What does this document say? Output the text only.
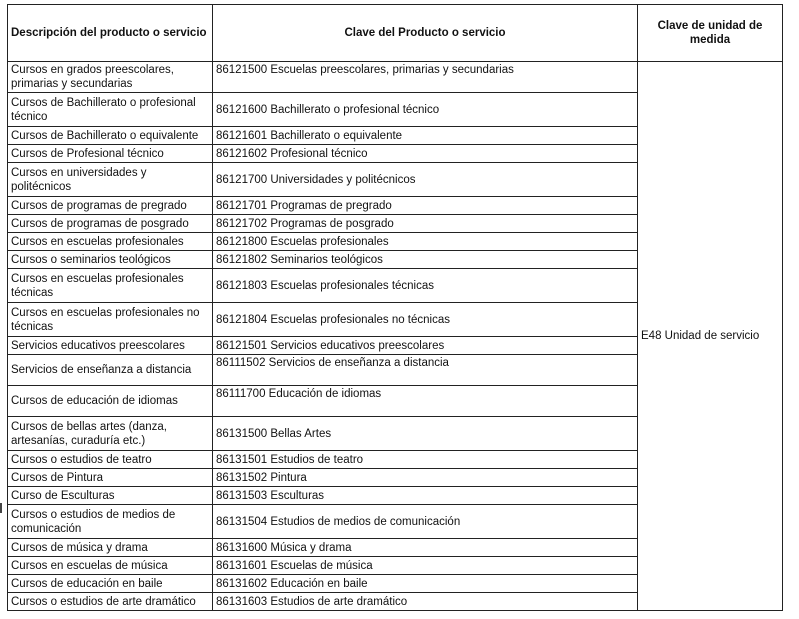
Descripción del producto o servicio	Clave del Producto o servicio	Clave de unidad de medida
Cursos en grados preescolares, primarias y secundarias	86121500 Escuelas preescolares, primarias y secundarias	E48 Unidad de servicio
Cursos de Bachillerato o profesional técnico	86121600 Bachillerato o profesional técnico	
Cursos de Bachillerato o equivalente	86121601 Bachillerato o equivalente	
Cursos de Profesional técnico	86121602 Profesional técnico	
Cursos en universidades y politécnicos	86121700 Universidades y politécnicos	
Cursos de programas de pregrado	86121701 Programas de pregrado	
Cursos de programas de posgrado	86121702 Programas de posgrado	
Cursos en escuelas profesionales	86121800 Escuelas profesionales	
Cursos o seminarios teológicos	86121802 Seminarios teológicos	
Cursos en escuelas profesionales técnicas	86121803 Escuelas profesionales técnicas	
Cursos en escuelas profesionales no técnicas	86121804 Escuelas profesionales no técnicas	
Servicios educativos preescolares	86121501 Servicios educativos preescolares	
Servicios de enseñanza a distancia	86111502 Servicios de enseñanza a distancia	
Cursos de educación de idiomas	86111700 Educación de idiomas	
Cursos de bellas artes (danza, artesanías, curaduría etc.)	86131500 Bellas Artes	
Cursos o estudios de teatro	86131501 Estudios de teatro	
Cursos de Pintura	86131502 Pintura	
Curso de Esculturas	86131503 Esculturas	
Cursos o estudios de medios de comunicación	86131504 Estudios de medios de comunicación	
Cursos de música y drama	86131600 Música y drama	
Cursos en escuelas de música	86131601 Escuelas de música	
Cursos de educación en baile	86131602 Educación en baile	
Cursos o estudios de arte dramático	86131603 Estudios de arte dramático	
